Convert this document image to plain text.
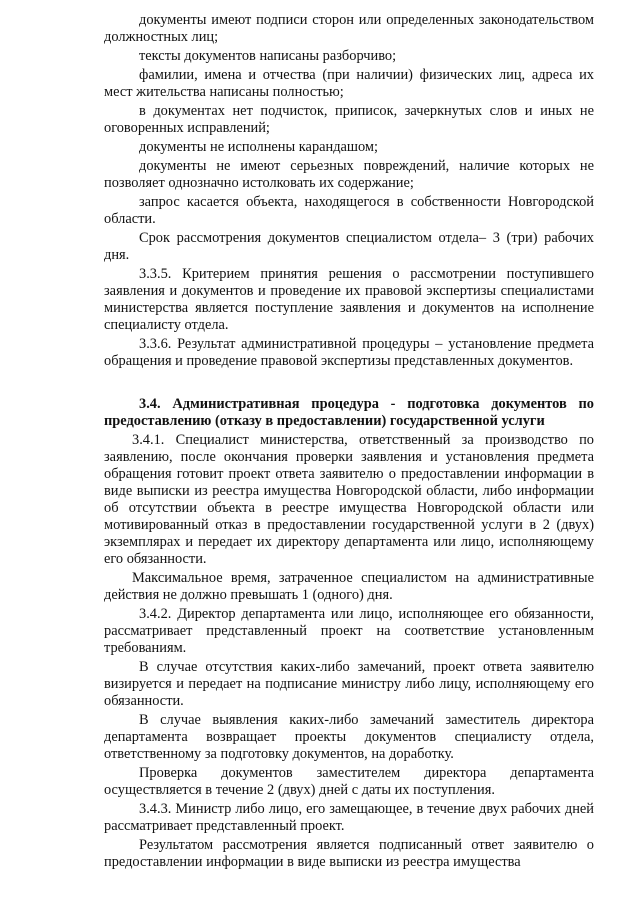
документы имеют подписи сторон или определенных законодательством должностных лиц;

тексты документов написаны разборчиво;

фамилии, имена и отчества (при наличии) физических лиц, адреса их мест жительства написаны полностью;

в документах нет подчисток, приписок, зачеркнутых слов и иных не оговоренных исправлений;

документы не исполнены карандашом;

документы не имеют серьезных повреждений, наличие которых не позволяет однозначно истолковать их содержание;

запрос касается объекта, находящегося в собственности Новгородской области.

Срок рассмотрения документов специалистом отдела– 3 (три) рабочих дня.

3.3.5. Критерием принятия решения о рассмотрении поступившего заявления и документов и проведение их правовой экспертизы специалистами министерства является поступление заявления и документов на исполнение специалисту отдела.

3.3.6. Результат административной процедуры – установление предмета обращения и проведение правовой экспертизы представленных документов.

3.4. Административная процедура - подготовка документов по предоставлению (отказу в предоставлении) государственной услуги

3.4.1. Специалист министерства, ответственный за производство по заявлению, после окончания проверки заявления и установления предмета обращения готовит проект ответа заявителю о предоставлении информации в виде выписки из реестра имущества Новгородской области, либо информации об отсутствии объекта в реестре имущества Новгородской области или мотивированный отказ в предоставлении государственной услуги в 2 (двух) экземплярах и передает их директору департамента или лицо, исполняющему его обязанности.

Максимальное время, затраченное специалистом на административные действия не должно превышать 1 (одного) дня.

3.4.2. Директор департамента или лицо, исполняющее его обязанности, рассматривает представленный проект на соответствие установленным требованиям.

В случае отсутствия каких-либо замечаний, проект ответа заявителю визируется и передает на подписание министру либо лицу, исполняющему его обязанности.

В случае выявления каких-либо замечаний заместитель директора департамента возвращает проекты документов специалисту отдела, ответственному за подготовку документов, на доработку.

Проверка документов заместителем директора департамента осуществляется в течение 2 (двух) дней с даты их поступления.

3.4.3. Министр либо лицо, его замещающее, в течение двух рабочих дней рассматривает представленный проект.

Результатом рассмотрения является подписанный ответ заявителю о предоставлении информации в виде выписки из реестра имущества
